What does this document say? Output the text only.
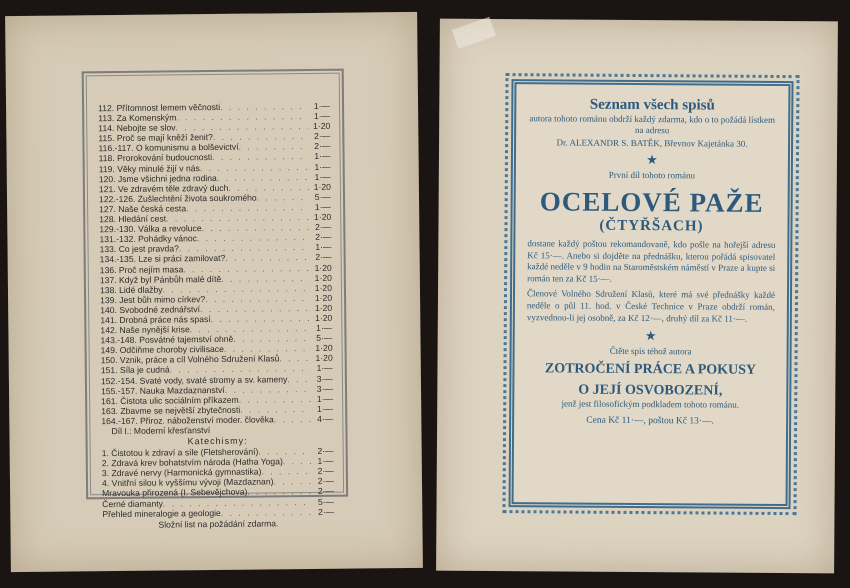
112. Přítomnost lemem věčnosti . . .	1·—
113. Za Komenským . . .	1·—
114. Nebojte se slov . . .	1·20
115. Proč se mají kněží ženit? . . .	2·—
116.-117. O komunismu a bolševictví . . .	2·—
118. Prorokování budoucnosti . . .	1·—
119. Věky minulé žijí v nás . . .	1·—
120. Jsme všichni jedna rodina . . .	1·—
121. Ve zdravém těle zdravý duch . . .	1·20
122.-126. Zušlechtění života soukromého . . .	5·—
127. Naše česká cesta . . .	1·—
128. Hledání cest . . .	1·20
129.-130. Válka a revoluce . . .	2·—
131.-132. Pohádky vánoc . . .	2·—
133. Co jest pravda? . . .	1·—
134.-135. Lze si práci zamilovat? . . .	2·—
136. Proč nejím masa . . .	1·20
137. Když byl Pánbůh malé dítě . . .	1·20
138. Lidé dlažby . . .	1·20
139. Jest bůh mimo církev? . . .	1·20
140. Svobodné zednářství . . .	1·20
141. Drobná práce nás spasí . . .	1·20
142. Naše nynější krise . . .	1·—
143.-148. Posvátné tajemství ohně . . .	5·—
149. Odčiňme choroby civilisace . . .	1·20
150. Vznik, práce a cíl Volného Sdružení Klasů . . .	1·20
151. Síla je cudná . . .	1·—
152.-154. Svaté vody, svaté stromy a sv. kameny . . .	3·—
155.-157. Nauka Mazdaznanství . . .	3·—
161. Čistota ulic sociálním příkazem . . .	1·—
163. Zbavme se největší zbytečnosti . . .	1·—
164.-167. Přiroz. náboženství moder. člověka . . .	4·—
Díl I.: Moderní křesťanství
Katechismy:
1. Čistotou k zdraví a síle (Fletsherování) . . .	2·—
2. Zdravá krev bohatstvím národa (Hatha Yoga) . . .	1·—
3. Zdravé nervy (Harmonická gymnastika) . . .	2·—
4. Vnitřní silou k vyššímu vývoji (Mazdaznan) . . .	2·—
Mravouka přirozená (I. Sebevějchova) . . .	2·—
Černé diamanty . . .	5·—
Přehled mineralogie a geologie . . .	2·—
Složní list na požádání zdarma.
Seznam všech spisů
autora tohoto románu obdrží každý zdarma, kdo o to požádá lístkem na adresu
Dr. ALEXANDR S. BATĚK, Břevnov Kajetánka 30.
★
První díl tohoto románu
OCELOVÉ PAŽE
(ČTYŘŠACH)
dostane každý poštou rekomandovaně, kdo pošle na hořejší adresu Kč 15·—. Anebo si dojděte na přednášku, kterou pořádá spisovatel každé neděle v 9 hodin na Staroměstském náměstí v Praze a kupte si román ten za Kč 15·—.
Členové Volného Sdružení Klasů, které má své přednášky každé neděle o půl 11. hod. v České Technice v Praze obdrží román, vyzvednou-li jej osobně, za Kč 12·—, druhý díl za Kč 11·—.
★
Čtěte spis téhož autora
ZOTROČENÍ PRÁCE A POKUSY
O JEJÍ OSVOBOZENÍ,
jenž jest filosofickým podkladem tohoto románu.
Cena Kč 11·—, poštou Kč 13·—.
